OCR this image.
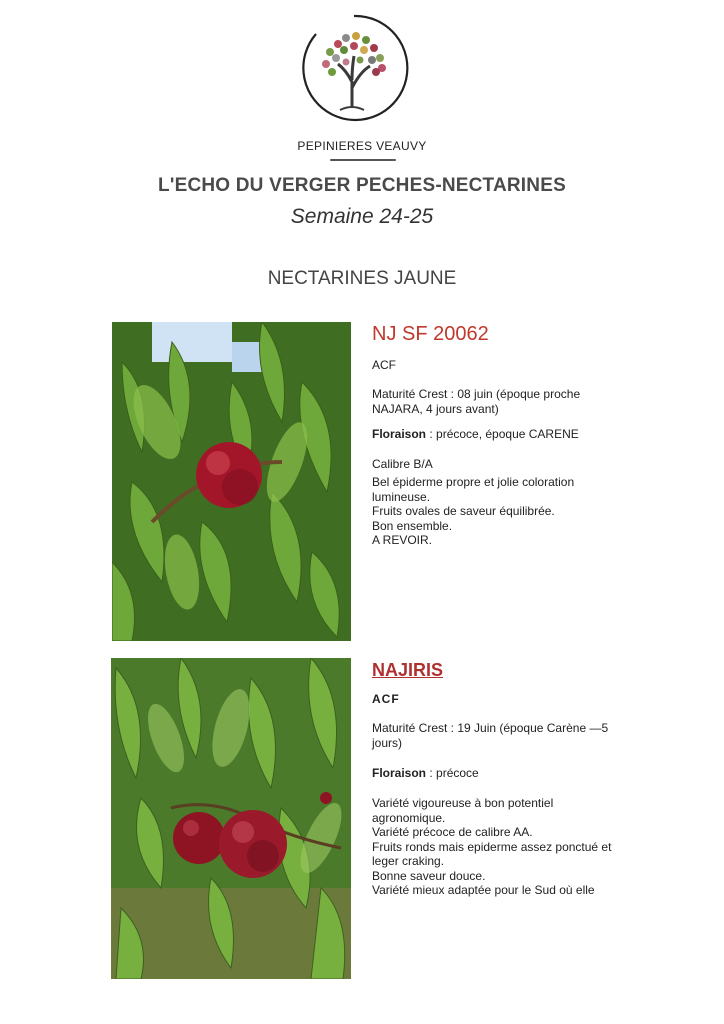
PEPINIERES VEAUVY
L'ECHO DU VERGER PECHES-NECTARINES
Semaine 24-25
NECTARINES JAUNE
NJ SF 20062
ACF
Maturité Crest : 08 juin (époque proche NAJARA, 4 jours avant)
Floraison : précoce, époque CARENE
Calibre B/A
Bel épiderme propre et jolie coloration lumineuse.
Fruits ovales de saveur équilibrée.
Bon ensemble.
A REVOIR.
NAJIRIS
ACF
Maturité Crest : 19 Juin (époque Carène —5 jours)
Floraison : précoce
Variété vigoureuse à bon potentiel agronomique.
Variété précoce de calibre AA.
Fruits ronds mais epiderme assez ponctué et leger craking.
Bonne saveur douce.
Variété mieux adaptée pour le Sud où elle
